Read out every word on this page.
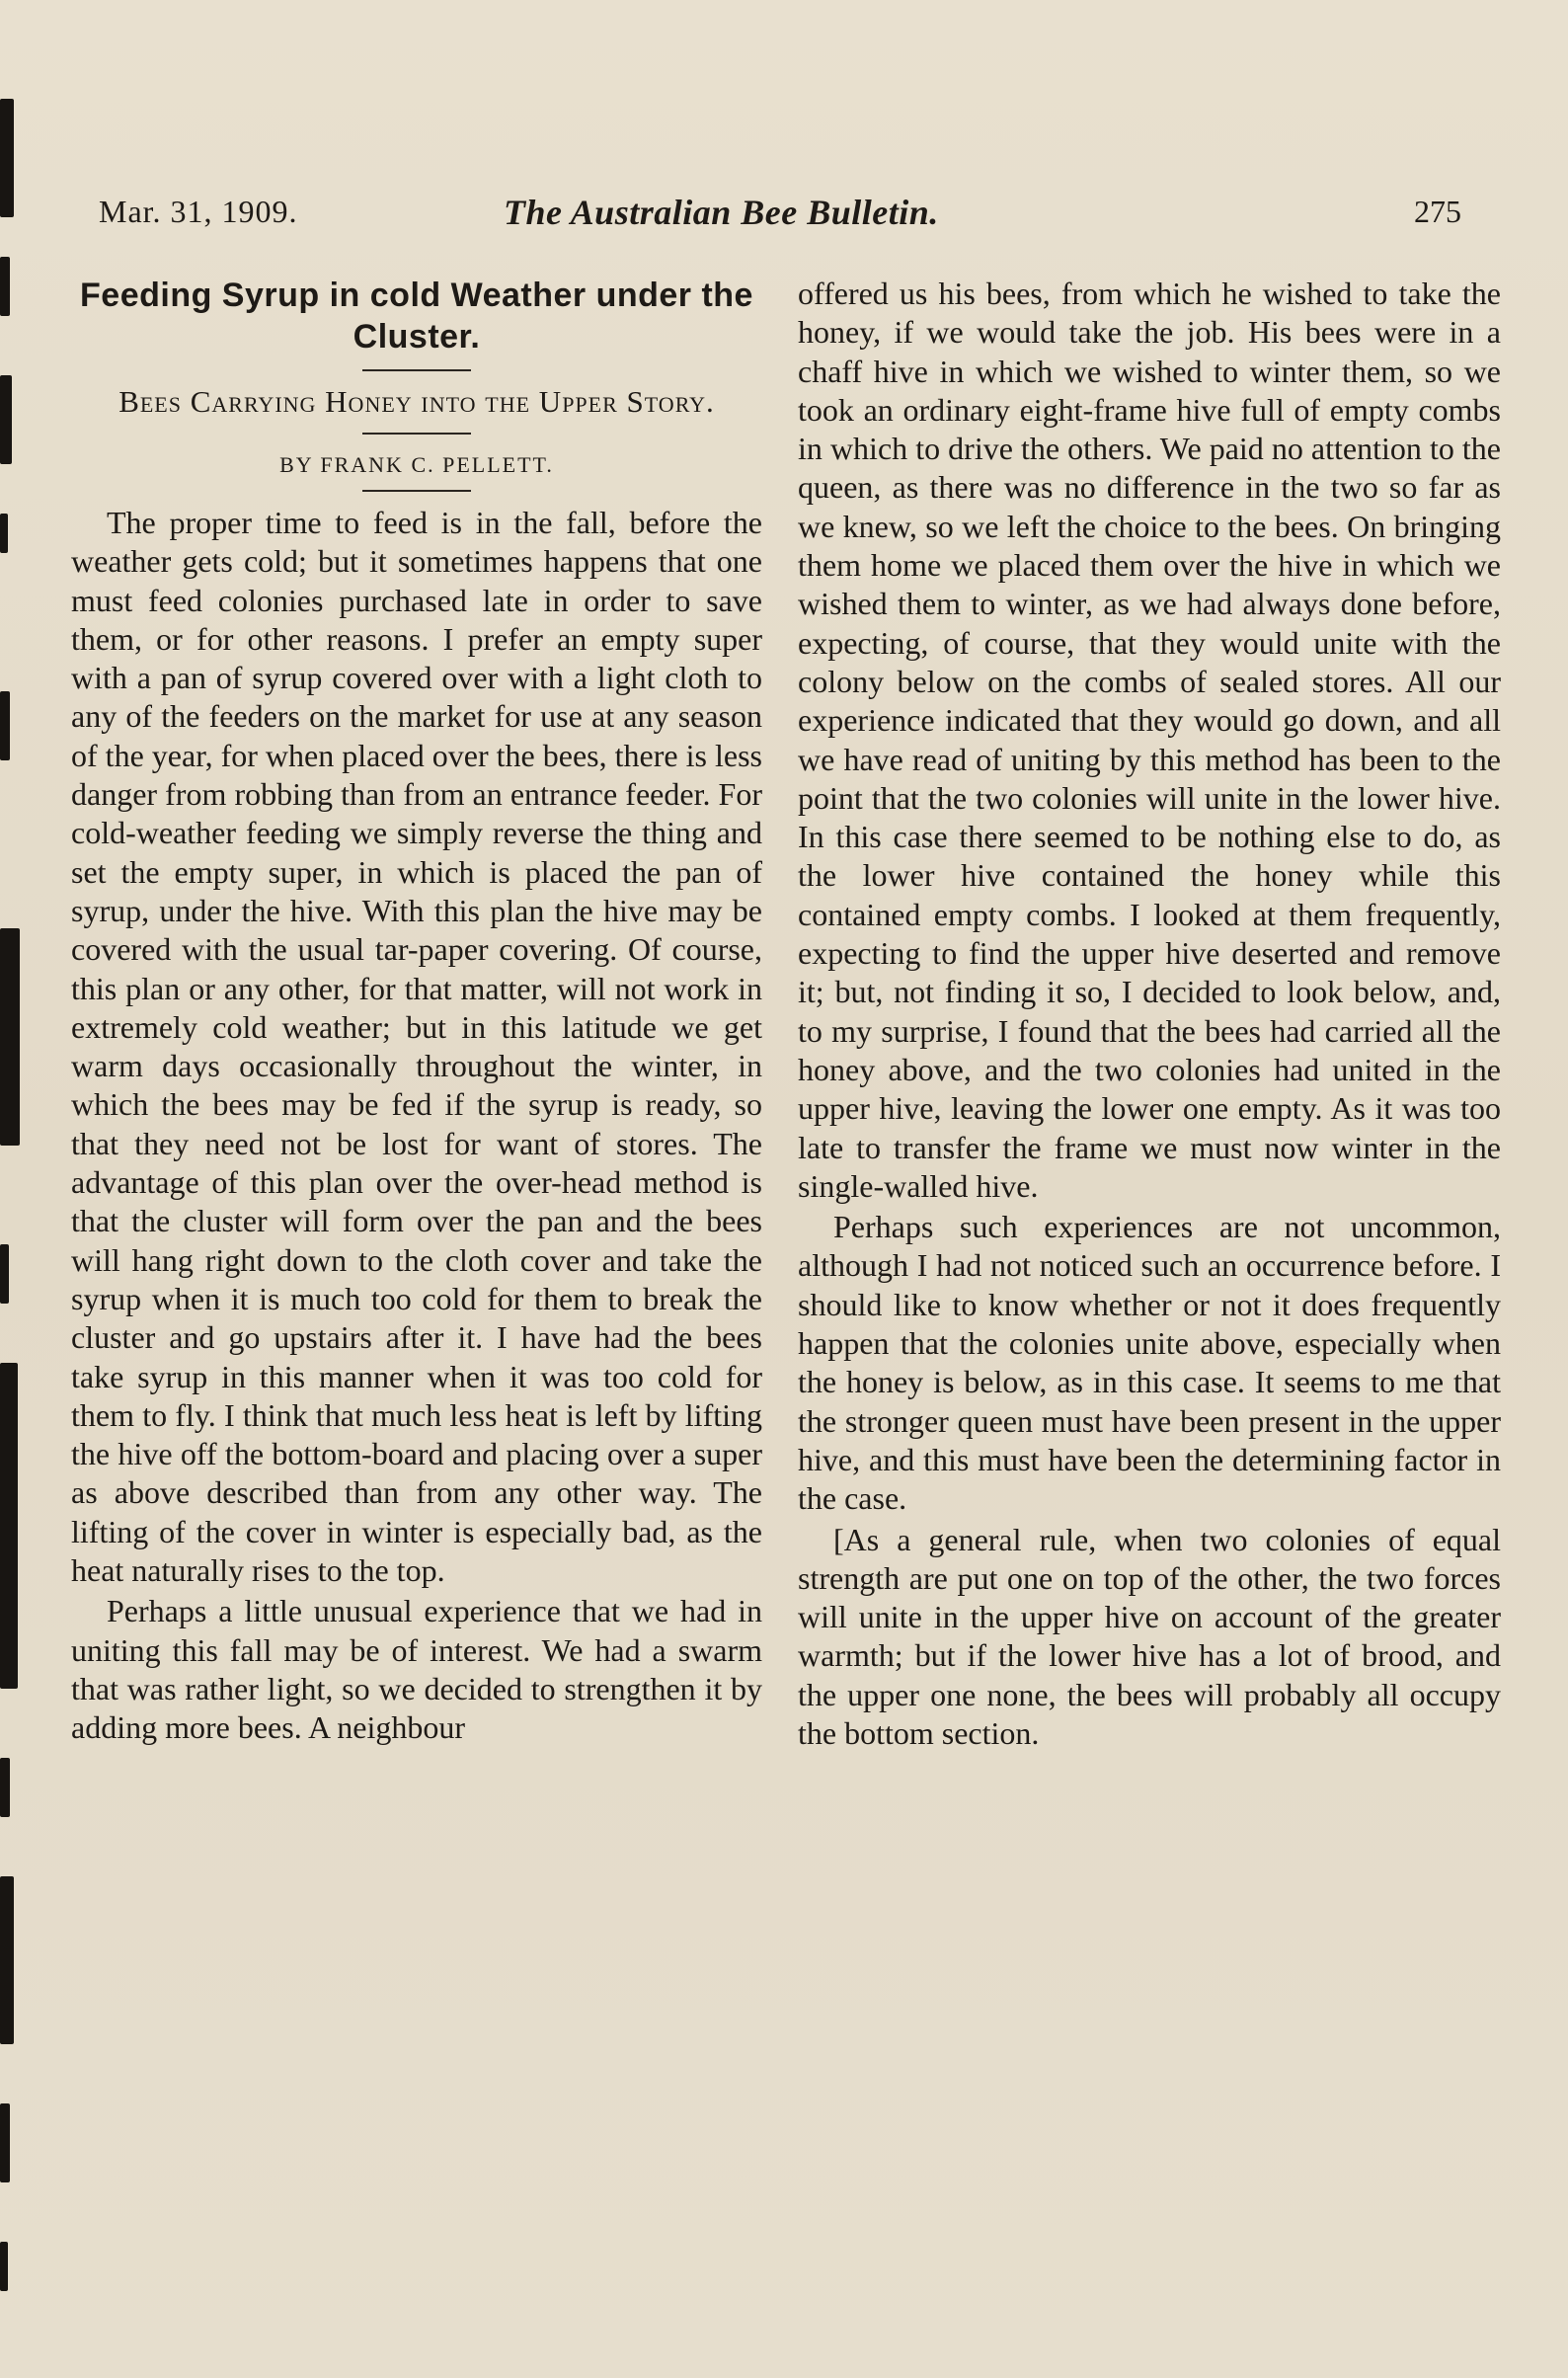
Mar. 31, 1909.	The Australian Bee Bulletin.	275
Feeding Syrup in cold Weather under the Cluster.
Bees Carrying Honey into the Upper Story.
BY FRANK C. PELLETT.

The proper time to feed is in the fall, before the weather gets cold; but it sometimes happens that one must feed colonies purchased late in order to save them, or for other reasons. I prefer an empty super with a pan of syrup covered over with a light cloth to any of the feeders on the market for use at any season of the year, for when placed over the bees, there is less danger from robbing than from an entrance feeder. For cold-weather feeding we simply reverse the thing and set the empty super, in which is placed the pan of syrup, under the hive. With this plan the hive may be covered with the usual tar-paper covering. Of course, this plan or any other, for that matter, will not work in extremely cold weather; but in this latitude we get warm days occasionally throughout the winter, in which the bees may be fed if the syrup is ready, so that they need not be lost for want of stores. The advantage of this plan over the over-head method is that the cluster will form over the pan and the bees will hang right down to the cloth cover and take the syrup when it is much too cold for them to break the cluster and go upstairs after it. I have had the bees take syrup in this manner when it was too cold for them to fly. I think that much less heat is left by lifting the hive off the bottom-board and placing over a super as above described than from any other way. The lifting of the cover in winter is especially bad, as the heat naturally rises to the top.

Perhaps a little unusual experience that we had in uniting this fall may be of interest. We had a swarm that was rather light, so we decided to strengthen it by adding more bees. A neighbour

offered us his bees, from which he wished to take the honey, if we would take the job. His bees were in a chaff hive in which we wished to winter them, so we took an ordinary eight-frame hive full of empty combs in which to drive the others. We paid no attention to the queen, as there was no difference in the two so far as we knew, so we left the choice to the bees. On bringing them home we placed them over the hive in which we wished them to winter, as we had always done before, expecting, of course, that they would unite with the colony below on the combs of sealed stores. All our experience indicated that they would go down, and all we have read of uniting by this method has been to the point that the two colonies will unite in the lower hive. In this case there seemed to be nothing else to do, as the lower hive contained the honey while this contained empty combs. I looked at them frequently, expecting to find the upper hive deserted and remove it; but, not finding it so, I decided to look below, and, to my surprise, I found that the bees had carried all the honey above, and the two colonies had united in the upper hive, leaving the lower one empty. As it was too late to transfer the frame we must now winter in the single-walled hive.

Perhaps such experiences are not uncommon, although I had not noticed such an occurrence before. I should like to know whether or not it does frequently happen that the colonies unite above, especially when the honey is below, as in this case. It seems to me that the stronger queen must have been present in the upper hive, and this must have been the determining factor in the case.

[As a general rule, when two colonies of equal strength are put one on top of the other, the two forces will unite in the upper hive on account of the greater warmth; but if the lower hive has a lot of brood, and the upper one none, the bees will probably all occupy the bottom section.
